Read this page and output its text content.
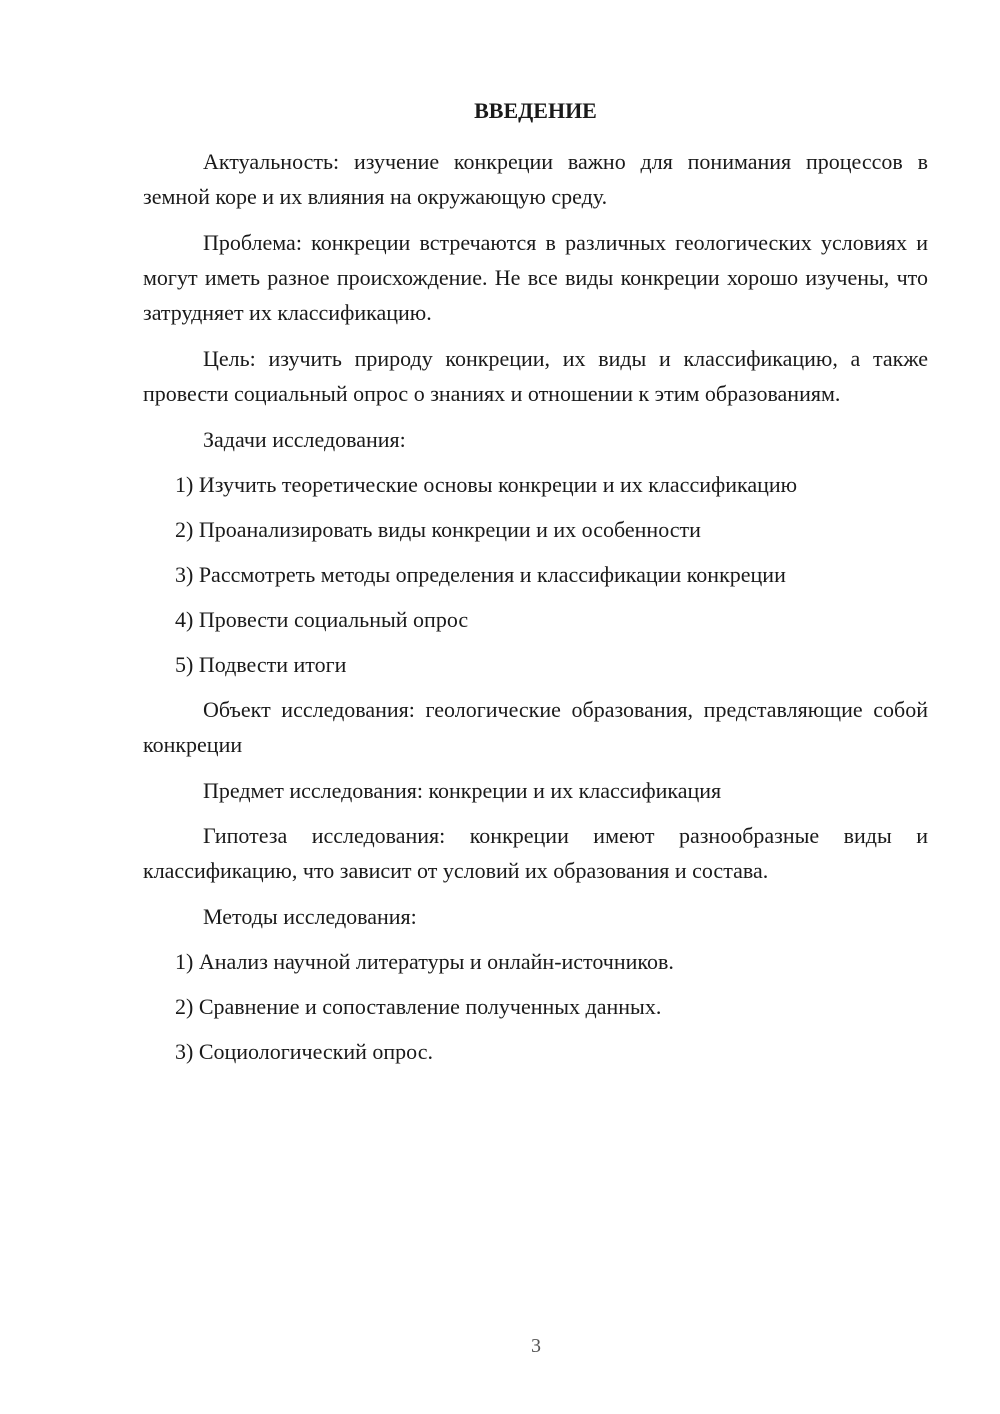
ВВЕДЕНИЕ

Актуальность: изучение конкреции важно для понимания процессов в земной коре и их влияния на окружающую среду.

Проблема: конкреции встречаются в различных геологических условиях и могут иметь разное происхождение. Не все виды конкреции хорошо изучены, что затрудняет их классификацию.

Цель: изучить природу конкреции, их виды и классификацию, а также провести социальный опрос о знаниях и отношении к этим образованиям.

Задачи исследования:

1) Изучить теоретические основы конкреции и их классификацию
2) Проанализировать виды конкреции и их особенности
3) Рассмотреть методы определения и классификации конкреции
4) Провести социальный опрос
5) Подвести итоги

Объект исследования: геологические образования, представляющие собой конкреции

Предмет исследования: конкреции и их классификация

Гипотеза исследования: конкреции имеют разнообразные виды и классификацию, что зависит от условий их образования и состава.

Методы исследования:

1) Анализ научной литературы и онлайн-источников.
2) Сравнение и сопоставление полученных данных.
3) Социологический опрос.
3
